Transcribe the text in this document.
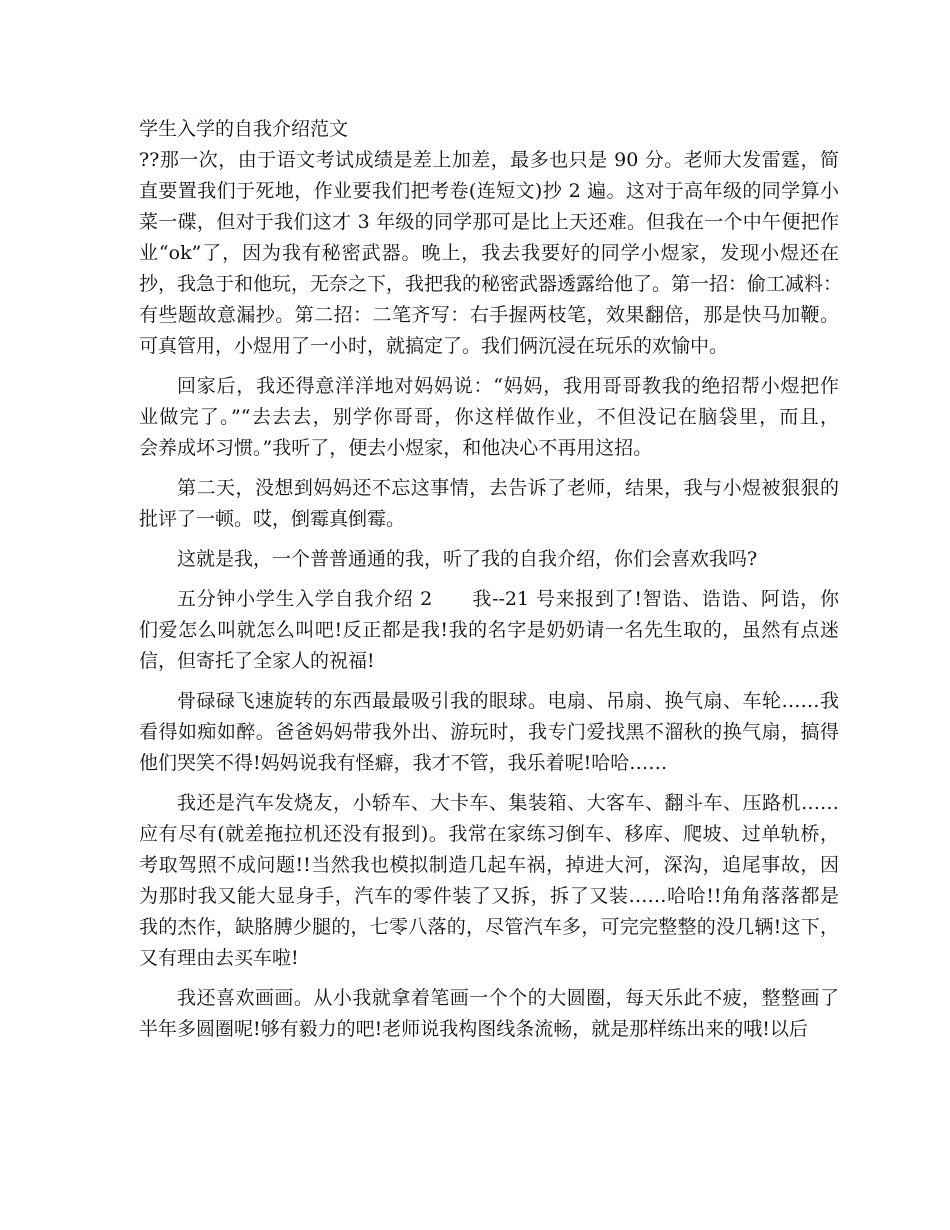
学生入学的自我介绍范文
??那一次，由于语文考试成绩是差上加差，最多也只是 90 分。老师大发雷霆，简
直要置我们于死地，作业要我们把考卷(连短文)抄 2 遍。这对于高年级的同学算小
菜一碟，但对于我们这才 3 年级的同学那可是比上天还难。但我在一个中午便把作
业“ok”了，因为我有秘密武器。晚上，我去我要好的同学小煜家，发现小煜还在
抄，我急于和他玩，无奈之下，我把我的秘密武器透露给他了。第一招：偷工减料：
有些题故意漏抄。第二招：二笔齐写：右手握两枝笔，效果翻倍，那是快马加鞭。
可真管用，小煜用了一小时，就搞定了。我们俩沉浸在玩乐的欢愉中。
回家后，我还得意洋洋地对妈妈说：“妈妈，我用哥哥教我的绝招帮小煜把作
业做完了。”“去去去，别学你哥哥，你这样做作业，不但没记在脑袋里，而且，
会养成坏习惯。”我听了，便去小煜家，和他决心不再用这招。
第二天，没想到妈妈还不忘这事情，去告诉了老师，结果，我与小煜被狠狠的
批评了一顿。哎，倒霉真倒霉。
这就是我，一个普普通通的我，听了我的自我介绍，你们会喜欢我吗?
五分钟小学生入学自我介绍 2　　我--21 号来报到了!智诰、诰诰、阿诰，你
们爱怎么叫就怎么叫吧!反正都是我!我的名字是奶奶请一名先生取的，虽然有点迷
信，但寄托了全家人的祝福!
骨碌碌飞速旋转的东西最最吸引我的眼球。电扇、吊扇、换气扇、车轮……我
看得如痴如醉。爸爸妈妈带我外出、游玩时，我专门爱找黑不溜秋的换气扇，搞得
他们哭笑不得!妈妈说我有怪癖，我才不管，我乐着呢!哈哈……
我还是汽车发烧友，小轿车、大卡车、集装箱、大客车、翻斗车、压路机……
应有尽有(就差拖拉机还没有报到)。我常在家练习倒车、移库、爬坡、过单轨桥，
考取驾照不成问题!!当然我也模拟制造几起车祸，掉进大河，深沟，追尾事故，因
为那时我又能大显身手，汽车的零件装了又拆，拆了又装……哈哈!!角角落落都是
我的杰作，缺胳膊少腿的，七零八落的，尽管汽车多，可完完整整的没几辆!这下，
又有理由去买车啦!
我还喜欢画画。从小我就拿着笔画一个个的大圆圈，每天乐此不疲，整整画了
半年多圆圈呢!够有毅力的吧!老师说我构图线条流畅，就是那样练出来的哦!以后
